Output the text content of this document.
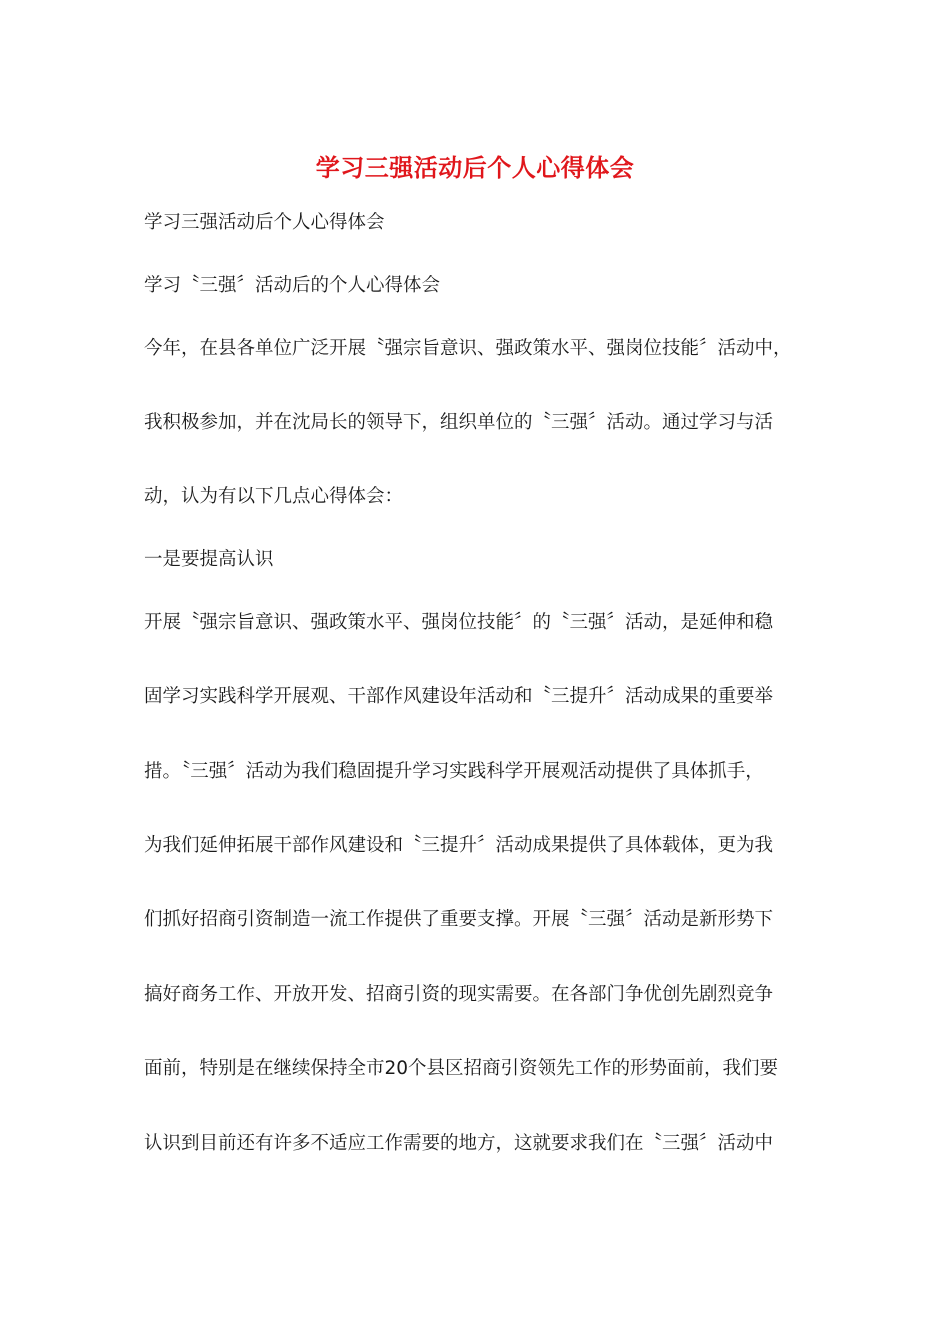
学习三强活动后个人心得体会
学习三强活动后个人心得体会
学习〝三强〞活动后的个人心得体会
今年，在县各单位广泛开展〝强宗旨意识、强政策水平、强岗位技能〞活动中，
我积极参加，并在沈局长的领导下，组织单位的〝三强〞活动。通过学习与活
动，认为有以下几点心得体会：
一是要提高认识
开展〝强宗旨意识、强政策水平、强岗位技能〞的〝三强〞活动，是延伸和稳
固学习实践科学开展观、干部作风建设年活动和〝三提升〞活动成果的重要举
措。〝三强〞活动为我们稳固提升学习实践科学开展观活动提供了具体抓手，
为我们延伸拓展干部作风建设和〝三提升〞活动成果提供了具体载体，更为我
们抓好招商引资制造一流工作提供了重要支撑。开展〝三强〞活动是新形势下
搞好商务工作、开放开发、招商引资的现实需要。在各部门争优创先剧烈竞争
面前，特别是在继续保持全市20个县区招商引资领先工作的形势面前，我们要
认识到目前还有许多不适应工作需要的地方，这就要求我们在〝三强〞活动中
